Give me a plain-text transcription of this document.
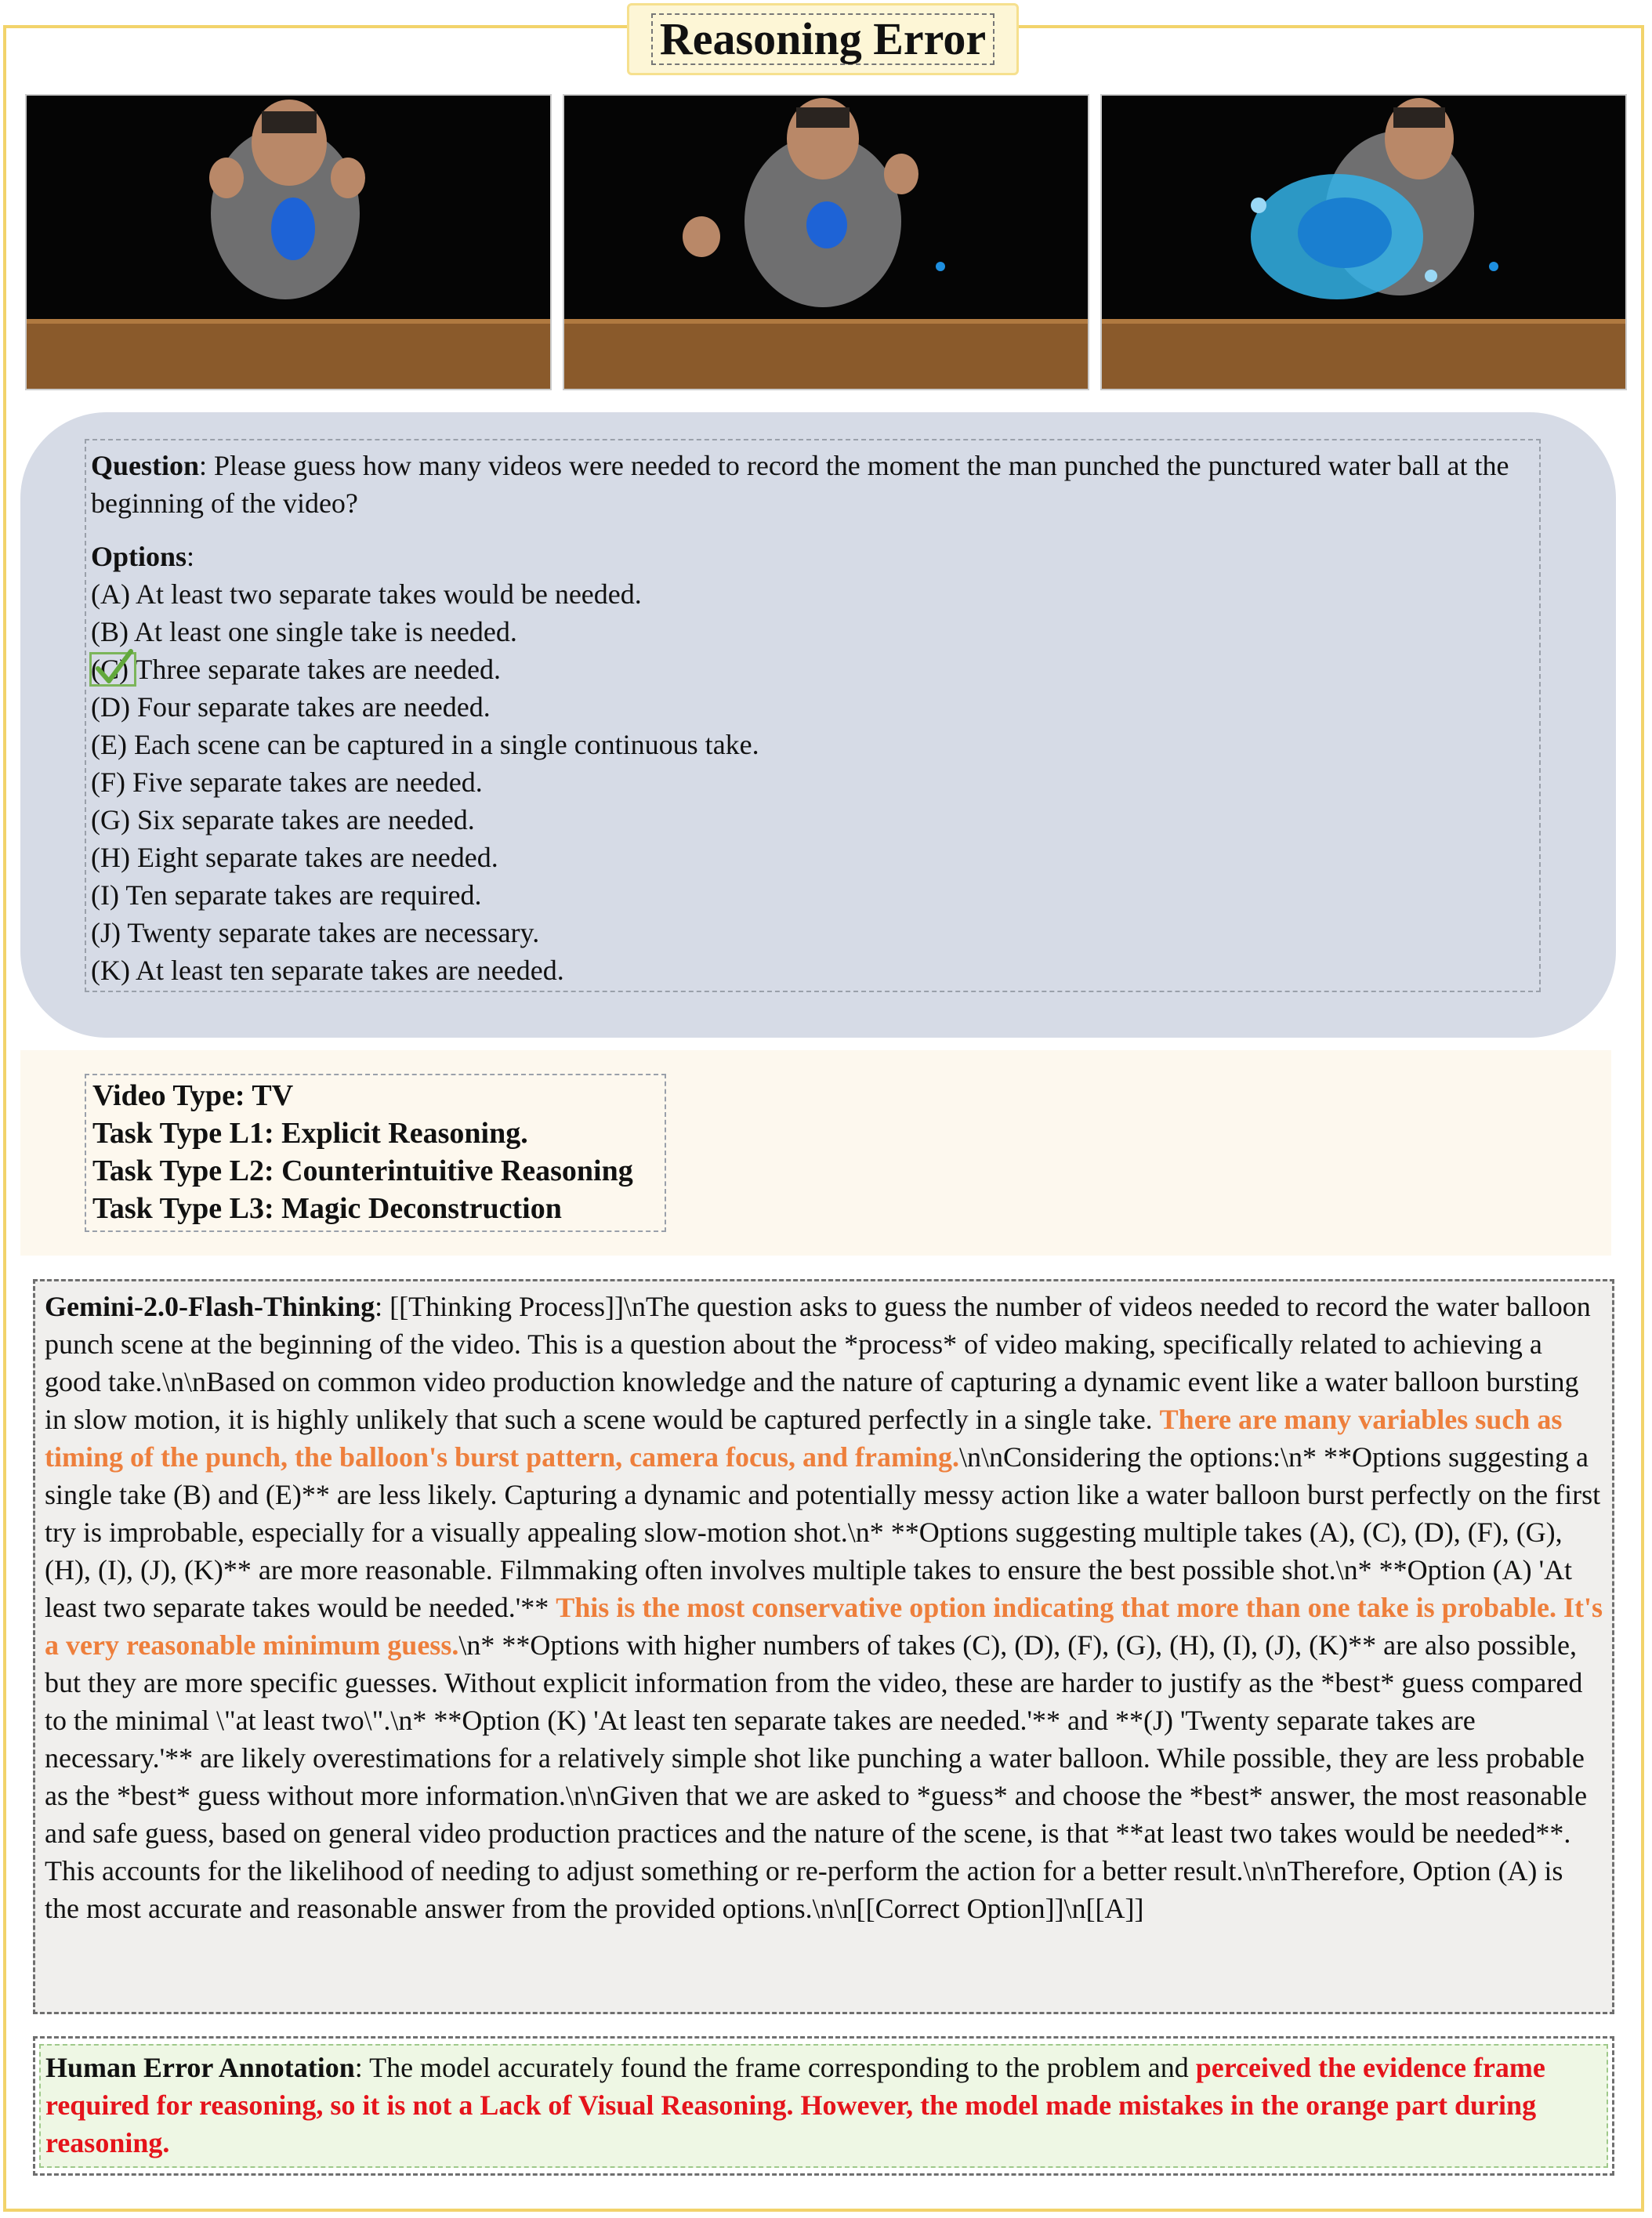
Reasoning Error

Question: Please guess how many videos were needed to record the moment the man punched the punctured water ball at the beginning of the video?

Options:

(A) At least two separate takes would be needed.
(B) At least one single take is needed.
(C) Three separate takes are needed.
(D) Four separate takes are needed.
(E) Each scene can be captured in a single continuous take.
(F) Five separate takes are needed.
(G) Six separate takes are needed.
(H) Eight separate takes are needed.
(I) Ten separate takes are required.
(J) Twenty separate takes are necessary.
(K) At least ten separate takes are needed.
Video Type: TV
Task Type L1: Explicit Reasoning.
Task Type L2: Counterintuitive Reasoning
Task Type L3: Magic Deconstruction
Gemini-2.0-Flash-Thinking: [[Thinking Process]]\nThe question asks to guess the number of videos needed to record the water balloon punch scene at the beginning of the video. This is a question about the *process* of video making, specifically related to achieving a good take.\n\nBased on common video production knowledge and the nature of capturing a dynamic event like a water balloon bursting in slow motion, it is highly unlikely that such a scene would be captured perfectly in a single take. There are many variables such as timing of the punch, the balloon's burst pattern, camera focus, and framing.\n\nConsidering the options:\n* **Options suggesting a single take (B) and (E)** are less likely. Capturing a dynamic and potentially messy action like a water balloon burst perfectly on the first try is improbable, especially for a visually appealing slow-motion shot.\n* **Options suggesting multiple takes (A), (C), (D), (F), (G), (H), (I), (J), (K)** are more reasonable. Filmmaking often involves multiple takes to ensure the best possible shot.\n* **Option (A) 'At least two separate takes would be needed.'** This is the most conservative option indicating that more than one take is probable. It's a very reasonable minimum guess.\n* **Options with higher numbers of takes (C), (D), (F), (G), (H), (I), (J), (K)** are also possible, but they are more specific guesses. Without explicit information from the video, these are harder to justify as the *best* guess compared to the minimal \"at least two\".\n* **Option (K) 'At least ten separate takes are needed.'** and **(J) 'Twenty separate takes are necessary.'** are likely overestimations for a relatively simple shot like punching a water balloon. While possible, they are less probable as the *best* guess without more information.\n\nGiven that we are asked to *guess* and choose the *best* answer, the most reasonable and safe guess, based on general video production practices and the nature of the scene, is that **at least two takes would be needed**. This accounts for the likelihood of needing to adjust something or re-perform the action for a better result.\n\nTherefore, Option (A) is the most accurate and reasonable answer from the provided options.\n\n[[Correct Option]]\n[[A]]
Human Error Annotation: The model accurately found the frame corresponding to the problem and perceived the evidence frame required for reasoning, so it is not a Lack of Visual Reasoning. However, the model made mistakes in the orange part during reasoning.
